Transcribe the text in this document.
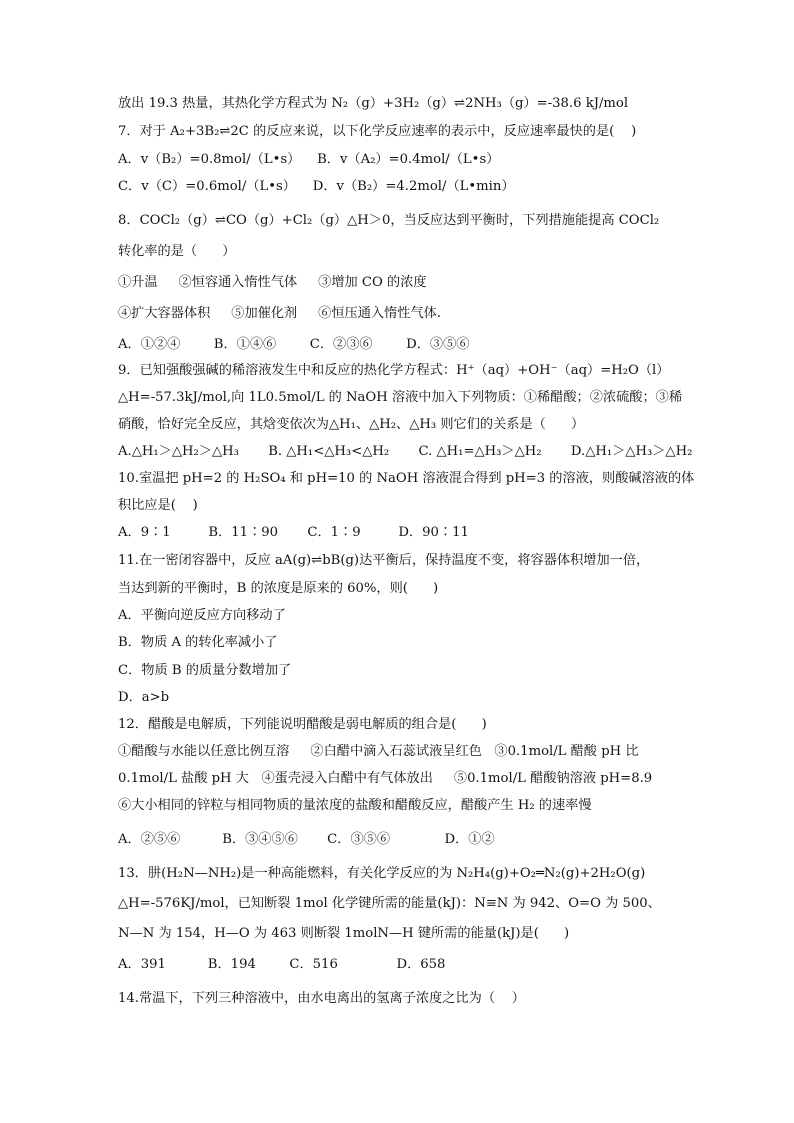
放出 19.3 热量，其热化学方程式为 N₂（g）+3H₂（g）⇌2NH₃（g）=-38.6 kJ/mol
7．对于 A₂+3B₂⇌2C 的反应来说，以下化学反应速率的表示中，反应速率最快的是(    )
A．v（B₂）=0.8mol/（L•s）    B．v（A₂）=0.4mol/（L•s）
C．v（C）=0.6mol/（L•s）    D．v（B₂）=4.2mol/（L•min）
8．COCl₂（g）⇌CO（g）+Cl₂（g）△H＞0，当反应达到平衡时，下列措施能提高 COCl₂
转化率的是（      ）
①升温     ②恒容通入惰性气体     ③增加 CO 的浓度
④扩大容器体积     ⑤加催化剂     ⑥恒压通入惰性气体.
A．①②④        B．①④⑥        C．②③⑥        D．③⑤⑥
9．已知强酸强碱的稀溶液发生中和反应的热化学方程式：H⁺（aq）+OH⁻（aq）=H₂O（l）
△H=-57.3kJ/mol,向 1L0.5mol/L 的 NaOH 溶液中加入下列物质：①稀醋酸；②浓硫酸；③稀
硝酸，恰好完全反应，其焓变依次为△H₁、△H₂、△H₃ 则它们的关系是（      ）
A.△H₁＞△H₂＞△H₃       B. △H₁<△H₃<△H₂       C. △H₁=△H₃＞△H₂       D.△H₁＞△H₃＞△H₂
10.室温把 pH=2 的 H₂SO₄ 和 pH=10 的 NaOH 溶液混合得到 pH=3 的溶液，则酸碱溶液的体
积比应是(    )
A．9∶1         B．11∶90       C．1∶9         D．90∶11
11.在一密闭容器中，反应 aA(g)⇌bB(g)达平衡后，保持温度不变，将容器体积增加一倍，
当达到新的平衡时，B 的浓度是原来的 60%，则(      )
A．平衡向逆反应方向移动了
B．物质 A 的转化率减小了
C．物质 B 的质量分数增加了
D．a>b
12．醋酸是电解质，下列能说明醋酸是弱电解质的组合是(      )
①醋酸与水能以任意比例互溶     ②白醋中滴入石蕊试液呈红色   ③0.1mol/L 醋酸 pH 比
0.1mol/L 盐酸 pH 大   ④蛋壳浸入白醋中有气体放出     ⑤0.1mol/L 醋酸钠溶液 pH=8.9
⑥大小相同的锌粒与相同物质的量浓度的盐酸和醋酸反应，醋酸产生 H₂ 的速率慢
A．②⑤⑥          B．③④⑤⑥       C．③⑤⑥             D．①②
13．肼(H₂N—NH₂)是一种高能燃料，有关化学反应的为 N₂H₄(g)+O₂═N₂(g)+2H₂O(g)
△H=-576KJ/mol，已知断裂 1mol 化学键所需的能量(kJ)：N≡N 为 942、O=O 为 500、
N—N 为 154，H—O 为 463 则断裂 1molN—H 键所需的能量(kJ)是(      )
A．391          B．194        C．516              D．658
14.常温下，下列三种溶液中，由水电离出的氢离子浓度之比为（    ）
